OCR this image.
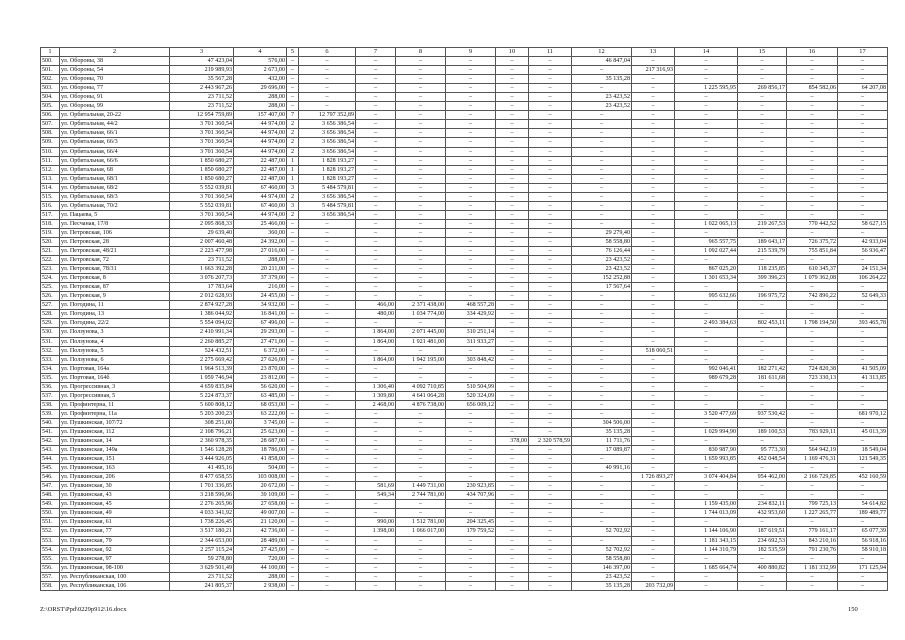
1	2	3	4	5	6	7	8	9	10	11	12	13	14	15	16	17
500.	ул. Обороны, 38	47 423,04	576,00	–	–	–	–	–	–	–	46 847,04	–	–	–	–	–
501.	ул. Обороны, 54	219 989,93	2 673,00	–	–	–	–	–	–	–	–	217 316,93	–	–	–	–
502.	ул. Обороны, 70	35 567,28	432,00	–	–	–	–	–	–	–	35 135,28	–	–	–	–	–
503.	ул. Обороны, 77	2 443 967,26	29 696,00	–	–	–	–	–	–	–	–	–	1 225 595,95	269 856,17	854 582,06	64 207,08
504.	ул. Обороны, 91	23 711,52	288,00	–	–	–	–	–	–	–	23 423,52	–	–	–	–	–
505.	ул. Обороны, 99	23 711,52	288,00	–	–	–	–	–	–	–	23 423,52	–	–	–	–	–
506.	ул. Орбитальная, 20-22	12 954 759,89	157 407,00	7	12 797 352,89	–	–	–	–	–	–	–	–	–	–	–
507.	ул. Орбитальная, 44/2	3 701 360,54	44 974,00	2	3 656 386,54	–	–	–	–	–	–	–	–	–	–	–
508.	ул. Орбитальная, 66/1	3 701 360,54	44 974,00	2	3 656 386,54	–	–	–	–	–	–	–	–	–	–	–
509.	ул. Орбитальная, 66/3	3 701 360,54	44 974,00	2	3 656 386,54	–	–	–	–	–	–	–	–	–	–	–
510.	ул. Орбитальная, 66/4	3 701 360,54	44 974,00	2	3 656 386,54	–	–	–	–	–	–	–	–	–	–	–
511.	ул. Орбитальная, 66/6	1 850 680,27	22 487,00	1	1 828 193,27	–	–	–	–	–	–	–	–	–	–	–
512.	ул. Орбитальная, 68	1 850 680,27	22 487,00	1	1 828 193,27	–	–	–	–	–	–	–	–	–	–	–
513.	ул. Орбитальная, 68/1	1 850 680,27	22 487,00	1	1 828 193,27	–	–	–	–	–	–	–	–	–	–	–
514.	ул. Орбитальная, 68/2	5 552 039,81	67 460,00	3	5 484 579,81	–	–	–	–	–	–	–	–	–	–	–
515.	ул. Орбитальная, 68/3	3 701 360,54	44 974,00	2	3 656 386,54	–	–	–	–	–	–	–	–	–	–	–
516.	ул. Орбитальная, 70/2	5 552 039,81	67 460,00	3	5 484 579,81	–	–	–	–	–	–	–	–	–	–	–
517.	ул. Пацаева, 5	3 701 360,54	44 974,00	2	3 656 386,54	–	–	–	–	–	–	–	–	–	–	–
518.	ул. Песчаная, 17/8	2 095 868,33	25 466,00	–	–	–	–	–	–	–	–	–	1 022 065,13	219 267,53	770 442,52	58 627,15
519.	ул. Петровская, 106	29 639,40	360,00	–	–	–	–	–	–	–	29 279,40	–	–	–	–	–
520.	ул. Петровская, 28	2 007 460,48	24 392,00	–	–	–	–	–	–	–	58 558,80	–	965 557,75	189 643,17	726 375,72	42 933,04
521.	ул. Петровская, 48/21	2 223 477,98	27 016,00	–	–	–	–	–	–	–	76 126,44	–	1 092 027,44	215 539,79	755 851,84	56 936,47
522.	ул. Петровская, 72	23 711,52	288,00	–	–	–	–	–	–	–	23 423,52	–	–	–	–	–
523.	ул. Петровская, 78/31	1 663 392,28	20 211,00	–	–	–	–	–	–	–	23 423,52	–	867 025,20	118 235,85	610 345,37	24 151,34
524.	ул. Петровская, 8	3 076 207,73	37 379,00	–	–	–	–	–	–	–	152 252,88	–	1 301 653,34	399 396,23	1 079 362,08	106 264,22
525.	ул. Петровская, 87	17 783,64	216,00	–	–	–	–	–	–	–	17 567,64	–	–	–	–	–
526.	ул. Петровская, 9	2 012 628,93	24 455,00	–	–	–	–	–	–	–	–	–	995 632,66	196 975,72	742 896,22	52 649,33
527.	ул. Погодина, 11	2 874 927,28	34 932,00	–	–	466,00	2 371 438,00	468 557,28	–	–	–	–	–	–	–	–
528.	ул. Погодина, 13	1 386 044,92	16 841,00	–	–	480,00	1 034 774,00	334 429,92	–	–	–	–	–	–	–	–
529.	ул. Погодина, 22/2	5 554 094,02	67 496,00	–	–	–	–	–	–	–	–	–	2 493 384,63	802 453,11	1 798 194,50	393 465,78
530.	ул. Ползунова, 3	2 410 991,34	29 293,00	–	–	1 864,00	2 071 445,00	310 251,14	–	–	–	–	–	–	–	–
531.	ул. Ползунова, 4	2 260 885,27	27 471,00	–	–	1 864,00	1 921 481,00	311 933,27	–	–	–	–	–	–	–	–
532.	ул. Ползунова, 5	524 432,51	6 372,00	–	–	–	–	–	–	–	–	518 060,51	–	–	–	–
533.	ул. Ползунова, 6	2 275 669,42	27 626,00	–	–	1 864,00	1 942 195,00	303 848,42	–	–	–	–	–	–	–	–
534.	ул. Портовая, 164а	1 964 513,39	23 870,00	–	–	–	–	–	–	–	–	–	992 046,41	182 271,42	724 820,38	41 505,09
535.	ул. Портовая, 164б	1 959 746,94	23 812,00	–	–	–	–	–	–	–	–	–	989 679,28	181 611,68	723 330,13	41 313,85
536.	ул. Прогрессивная, 3	4 659 835,84	56 620,00	–	–	1 306,40	4 092 710,85	510 504,99	–	–	–	–	–	–	–	–
537.	ул. Прогрессивная, 5	5 224 873,37	63 485,00	–	–	1 309,80	4 641 064,28	520 324,09	–	–	–	–	–	–	–	–
538.	ул. Профинтерна, 11	5 600 808,12	68 053,00	–	–	2 468,00	4 876 738,00	656 009,12	–	–	–	–	–	–	–	–
539.	ул. Профинтерна, 11а	5 203 200,23	63 222,00	–	–	–	–	–	–	–	–	–	3 520 477,69	937 530,42	–	681 970,12
540.	ул. Пушкинская, 107/72	308 251,00	3 745,00	–	–	–	–	–	–	–	304 506,00	–	–	–	–	–
541.	ул. Пушкинская, 112	2 108 796,21	25 623,00	–	–	–	–	–	–	–	35 135,28	–	1 029 994,90	189 100,53	783 929,11	45 013,39
542.	ул. Пушкинская, 14	2 360 978,35	28 687,00	–	–	–	–	–	378,00	2 320 578,59	11 711,76	–	–	–	–	–
543.	ул. Пушкинская, 149а	1 546 128,28	18 786,00	–	–	–	–	–	–	–	17 089,87	–	830 987,90	95 773,30	564 942,19	18 549,04
544.	ул. Пушкинская, 151	3 444 926,05	41 858,00	–	–	–	–	–	–	–	–	–	1 659 993,85	452 048,54	1 169 476,31	121 549,35
545.	ул. Пушкинская, 163	41 495,16	504,00	–	–	–	–	–	–	–	40 991,16	–	–	–	–	–
546.	ул. Пушкинская, 206	8 477 658,55	103 008,00	–	–	–	–	–	–	–	–	1 726 893,27	3 074 404,84	954 462,00	2 166 729,85	452 160,59
547.	ул. Пушкинская, 30	1 701 336,85	20 672,00	–	–	581,69	1 449 731,00	230 923,85	–	–	–	–	–	–	–	–
548.	ул. Пушкинская, 43	3 218 596,96	39 109,00	–	–	549,34	2 744 781,00	434 707,96	–	–	–	–	–	–	–	–
549.	ул. Пушкинская, 45	2 276 265,96	27 658,00	–	–	–	–	–	–	–	–	–	1 159 435,00	234 832,11	799 725,13	54 614,82
550.	ул. Пушкинская, 49	4 033 341,92	49 007,00	–	–	–	–	–	–	–	–	–	1 744 013,09	432 953,60	1 227 265,77	189 489,77
551.	ул. Пушкинская, 61	1 738 226,45	21 120,00	–	–	990,00	1 512 781,00	204 325,45	–	–	–	–	–	–	–	–
552.	ул. Пушкинская, 77	3 517 180,21	42 736,00	–	–	1 398,00	1 066 017,00	179 759,52	–	–	52 702,92	–	1 144 106,90	187 619,51	779 161,17	65 077,39
553.	ул. Пушкинская, 79	2 344 653,00	28 489,00	–	–	–	–	–	–	–	–	–	1 181 343,15	234 692,53	843 210,16	56 918,16
554.	ул. Пушкинская, 92	2 257 115,24	27 425,00	–	–	–	–	–	–	–	52 702,92	–	1 144 310,79	182 535,59	791 230,76	58 910,18
555.	ул. Пушкинская, 97	59 278,80	720,00	–	–	–	–	–	–	–	58 558,80	–	–	–	–	–
556.	ул. Пушкинская, 98-100	3 629 501,49	44 100,00	–	–	–	–	–	–	–	146 397,00	–	1 685 664,74	400 880,82	1 181 332,99	171 125,94
557.	ул. Республиканская, 100	23 711,52	288,00	–	–	–	–	–	–	–	23 423,52	–	–	–	–	–
558.	ул. Республиканская, 106	241 805,37	2 938,00	–	–	–	–	–	–	–	35 135,28	203 732,09	–	–	–	–
Z:\ORST\Ppd\0229p912\16.docx	150
